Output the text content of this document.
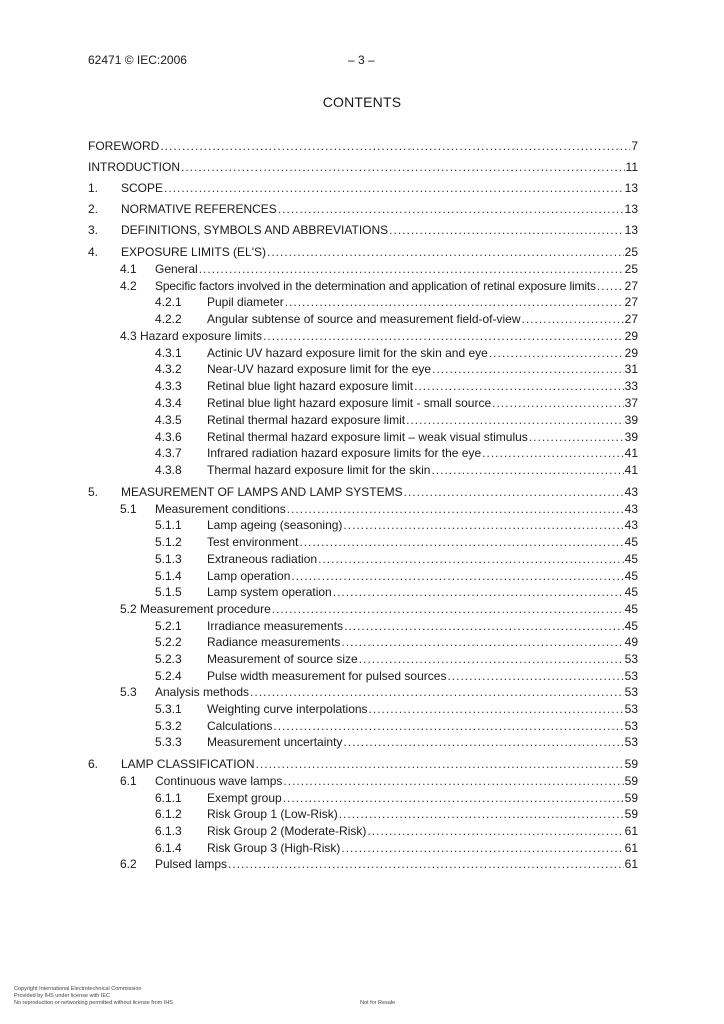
62471 © IEC:2006	– 3 –
CONTENTS
FOREWORD .....	7
INTRODUCTION .....	11
1. SCOPE .....	13
2. NORMATIVE REFERENCES .....	13
3. DEFINITIONS, SYMBOLS AND ABBREVIATIONS .....	13
4. EXPOSURE LIMITS (EL'S) .....	25
4.1 General .....	25
4.2 Specific factors involved in the determination and application of retinal exposure limits ..... 27
4.2.1 Pupil diameter .....	27
4.2.2 Angular subtense of source and measurement field-of-view .....	27
4.3 Hazard exposure limits .....	29
4.3.1 Actinic UV hazard exposure limit for the skin and eye .....	29
4.3.2 Near-UV hazard exposure limit for the eye .....	31
4.3.3 Retinal blue light hazard exposure limit .....	33
4.3.4 Retinal blue light hazard exposure limit - small source .....	37
4.3.5 Retinal thermal hazard exposure limit .....	39
4.3.6 Retinal thermal hazard exposure limit – weak visual stimulus .....	39
4.3.7 Infrared radiation hazard exposure limits for the eye .....	41
4.3.8 Thermal hazard exposure limit for the skin .....	41
5. MEASUREMENT OF LAMPS AND LAMP SYSTEMS .....	43
5.1 Measurement conditions .....	43
5.1.1 Lamp ageing (seasoning) .....	43
5.1.2 Test environment .....	45
5.1.3 Extraneous radiation .....	45
5.1.4 Lamp operation .....	45
5.1.5 Lamp system operation .....	45
5.2 Measurement procedure .....	45
5.2.1 Irradiance measurements .....	45
5.2.2 Radiance measurements .....	49
5.2.3 Measurement of source size .....	53
5.2.4 Pulse width measurement for pulsed sources .....	53
5.3 Analysis methods .....	53
5.3.1 Weighting curve interpolations .....	53
5.3.2 Calculations .....	53
5.3.3 Measurement uncertainty .....	53
6. LAMP CLASSIFICATION .....	59
6.1 Continuous wave lamps .....	59
6.1.1 Exempt group .....	59
6.1.2 Risk Group 1 (Low-Risk) .....	59
6.1.3 Risk Group 2 (Moderate-Risk) .....	61
6.1.4 Risk Group 3 (High-Risk) .....	61
6.2 Pulsed lamps .....	61
Copyright International Electrotechnical Commission
Provided by IHS under license with IEC
No reproduction or networking permitted without license from IHS	Not for Resale
